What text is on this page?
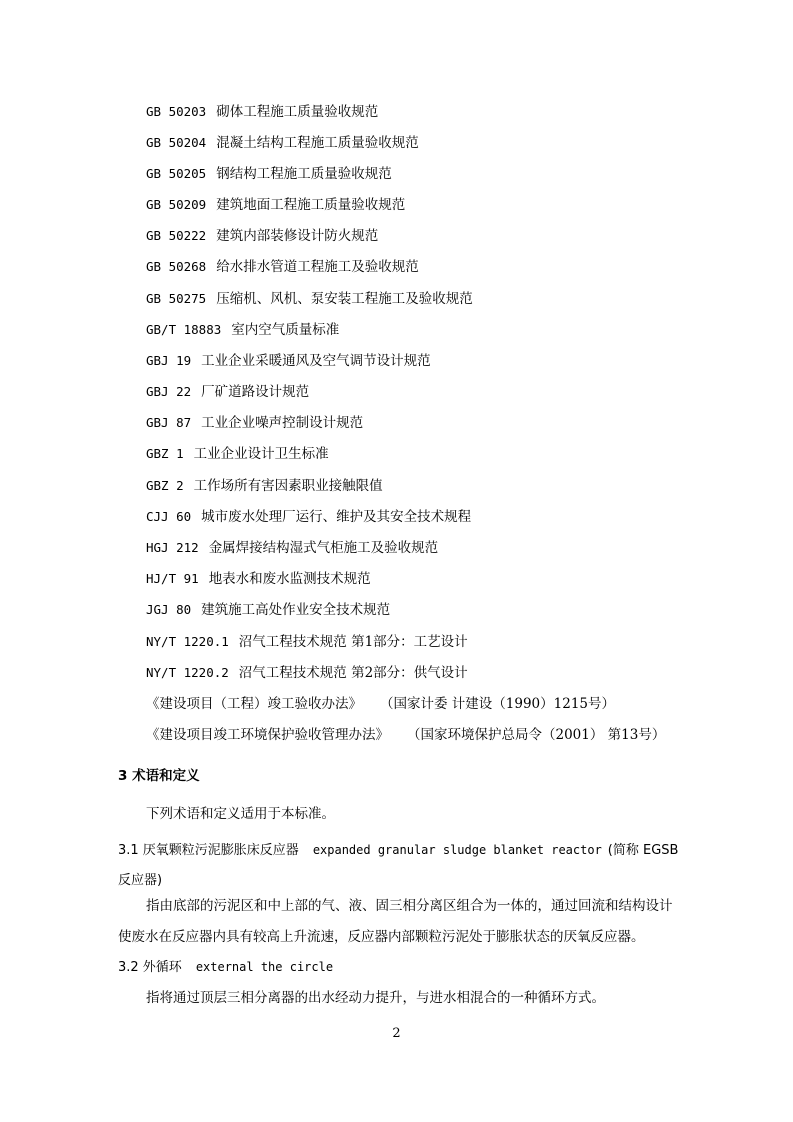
GB 50203 砌体工程施工质量验收规范
GB 50204 混凝土结构工程施工质量验收规范
GB 50205 钢结构工程施工质量验收规范
GB 50209 建筑地面工程施工质量验收规范
GB 50222 建筑内部装修设计防火规范
GB 50268 给水排水管道工程施工及验收规范
GB 50275 压缩机、风机、泵安装工程施工及验收规范
GB/T 18883 室内空气质量标准
GBJ 19 工业企业采暖通风及空气调节设计规范
GBJ 22 厂矿道路设计规范
GBJ 87 工业企业噪声控制设计规范
GBZ 1 工业企业设计卫生标准
GBZ 2 工作场所有害因素职业接触限值
CJJ 60 城市废水处理厂运行、维护及其安全技术规程
HGJ 212 金属焊接结构湿式气柜施工及验收规范
HJ/T 91 地表水和废水监测技术规范
JGJ 80 建筑施工高处作业安全技术规范
NY/T 1220.1 沼气工程技术规范 第1部分：工艺设计
NY/T 1220.2 沼气工程技术规范 第2部分：供气设计
《建设项目（工程）竣工验收办法》 （国家计委 计建设（1990）1215号）
《建设项目竣工环境保护验收管理办法》 （国家环境保护总局令（2001） 第13号）
3 术语和定义

下列术语和定义适用于本标准。

3.1 厌氧颗粒污泥膨胀床反应器 expanded granular sludge blanket reactor (简称 EGSB
反应器)

指由底部的污泥区和中上部的气、液、固三相分离区组合为一体的，通过回流和结构设计使废水在反应器内具有较高上升流速，反应器内部颗粒污泥处于膨胀状态的厌氧反应器。

3.2 外循环 external the circle

指将通过顶层三相分离器的出水经动力提升，与进水相混合的一种循环方式。

2
